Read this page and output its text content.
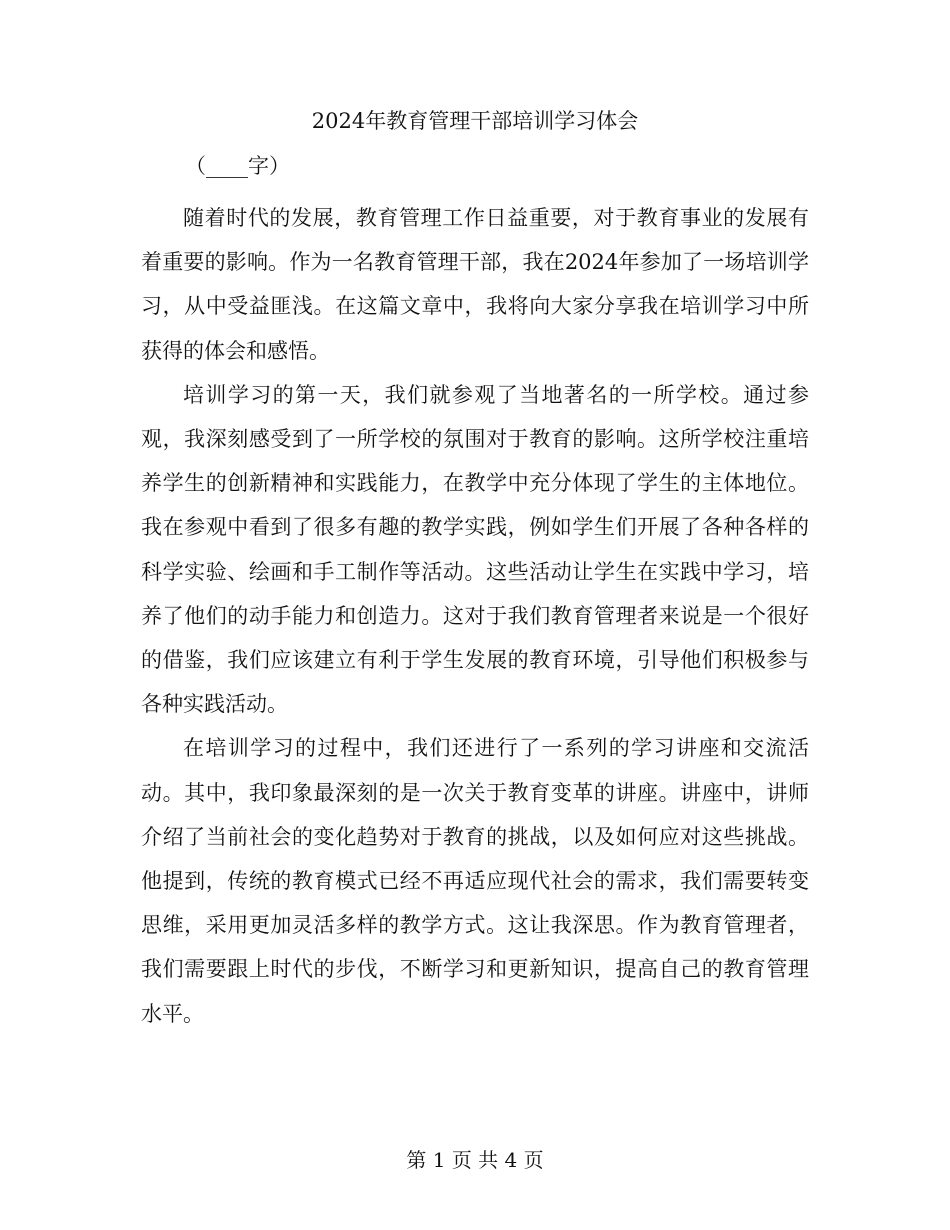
2024年教育管理干部培训学习体会
（____字）

随着时代的发展，教育管理工作日益重要，对于教育事业的发展有着重要的影响。作为一名教育管理干部，我在2024年参加了一场培训学习，从中受益匪浅。在这篇文章中，我将向大家分享我在培训学习中所获得的体会和感悟。

培训学习的第一天，我们就参观了当地著名的一所学校。通过参观，我深刻感受到了一所学校的氛围对于教育的影响。这所学校注重培养学生的创新精神和实践能力，在教学中充分体现了学生的主体地位。我在参观中看到了很多有趣的教学实践，例如学生们开展了各种各样的科学实验、绘画和手工制作等活动。这些活动让学生在实践中学习，培养了他们的动手能力和创造力。这对于我们教育管理者来说是一个很好的借鉴，我们应该建立有利于学生发展的教育环境，引导他们积极参与各种实践活动。

在培训学习的过程中，我们还进行了一系列的学习讲座和交流活动。其中，我印象最深刻的是一次关于教育变革的讲座。讲座中，讲师介绍了当前社会的变化趋势对于教育的挑战，以及如何应对这些挑战。他提到，传统的教育模式已经不再适应现代社会的需求，我们需要转变思维，采用更加灵活多样的教学方式。这让我深思。作为教育管理者，我们需要跟上时代的步伐，不断学习和更新知识，提高自己的教育管理水平。

第 1 页 共 4 页
